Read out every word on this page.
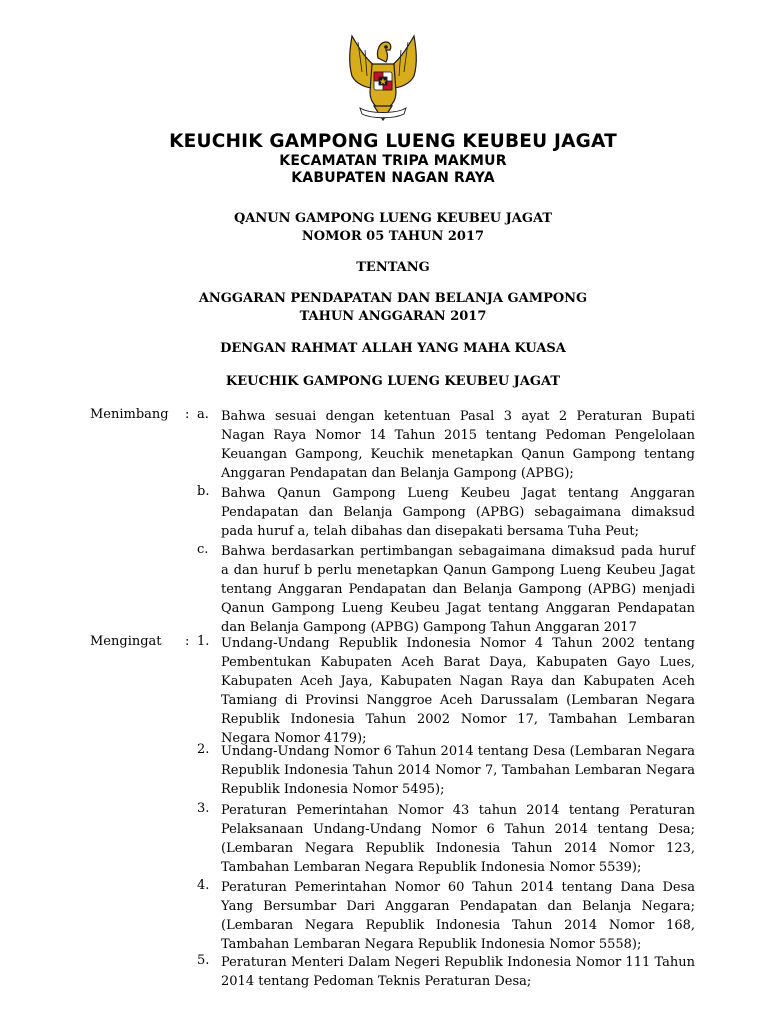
KEUCHIK GAMPONG LUENG KEUBEU JAGAT
KECAMATAN TRIPA MAKMUR
KABUPATEN NAGAN RAYA
QANUN GAMPONG LUENG KEUBEU JAGAT
NOMOR 05 TAHUN 2017
TENTANG
ANGGARAN PENDAPATAN DAN BELANJA GAMPONG
TAHUN ANGGARAN 2017
DENGAN RAHMAT ALLAH YANG MAHA KUASA
KEUCHIK GAMPONG LUENG KEUBEU JAGAT
Menimbang : a. Bahwa sesuai dengan ketentuan Pasal 3 ayat 2 Peraturan Bupati Nagan Raya Nomor 14 Tahun 2015 tentang Pedoman Pengelolaan Keuangan Gampong, Keuchik menetapkan Qanun Gampong tentang Anggaran Pendapatan dan Belanja Gampong (APBG);

b. Bahwa Qanun Gampong Lueng Keubeu Jagat tentang Anggaran Pendapatan dan Belanja Gampong (APBG) sebagaimana dimaksud pada huruf a, telah dibahas dan disepakati bersama Tuha Peut;

c. Bahwa berdasarkan pertimbangan sebagaimana dimaksud pada huruf a dan huruf b perlu menetapkan Qanun Gampong Lueng Keubeu Jagat tentang Anggaran Pendapatan dan Belanja Gampong (APBG) menjadi Qanun Gampong Lueng Keubeu Jagat tentang Anggaran Pendapatan dan Belanja Gampong (APBG) Gampong Tahun Anggaran 2017

Mengingat : 1. Undang-Undang Republik Indonesia Nomor 4 Tahun 2002 tentang Pembentukan Kabupaten Aceh Barat Daya, Kabupaten Gayo Lues, Kabupaten Aceh Jaya, Kabupaten Nagan Raya dan Kabupaten Aceh Tamiang di Provinsi Nanggroe Aceh Darussalam (Lembaran Negara Republik Indonesia Tahun 2002 Nomor 17, Tambahan Lembaran Negara Nomor 4179);

2. Undang-Undang Nomor 6 Tahun 2014 tentang Desa (Lembaran Negara Republik Indonesia Tahun 2014 Nomor 7, Tambahan Lembaran Negara Republik Indonesia Nomor 5495);

3. Peraturan Pemerintahan Nomor 43 tahun 2014 tentang Peraturan Pelaksanaan Undang-Undang Nomor 6 Tahun 2014 tentang Desa; (Lembaran Negara Republik Indonesia Tahun 2014 Nomor 123, Tambahan Lembaran Negara Republik Indonesia Nomor 5539);

4. Peraturan Pemerintahan Nomor 60 Tahun 2014 tentang Dana Desa Yang Bersumbar Dari Anggaran Pendapatan dan Belanja Negara; (Lembaran Negara Republik Indonesia Tahun 2014 Nomor 168, Tambahan Lembaran Negara Republik Indonesia Nomor 5558);

5. Peraturan Menteri Dalam Negeri Republik Indonesia Nomor 111 Tahun 2014 tentang Pedoman Teknis Peraturan Desa;
